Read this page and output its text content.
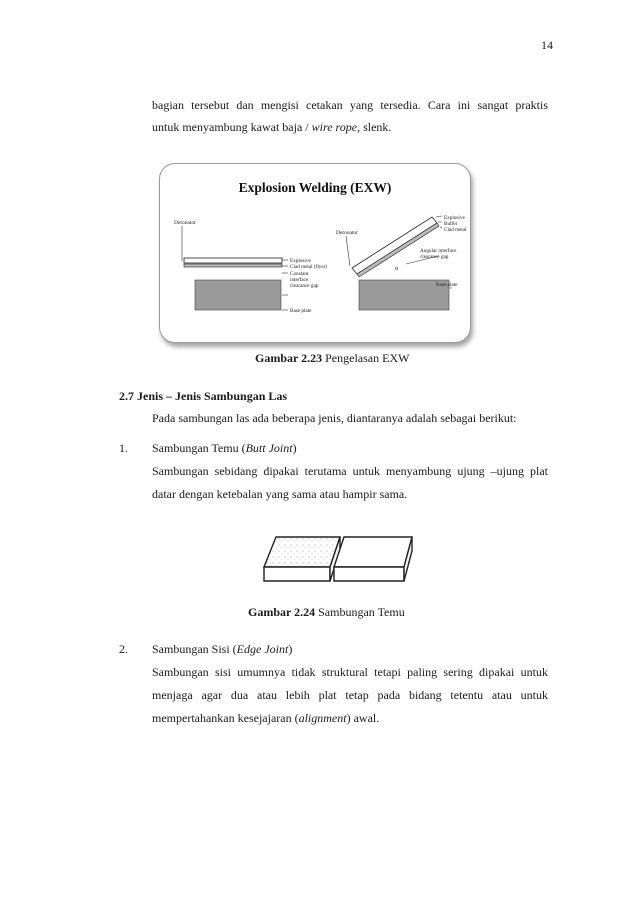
14
bagian tersebut dan mengisi cetakan yang tersedia. Cara ini sangat praktis
untuk menyambung kawat baja / wire rope, slenk.
Explosion Welding (EXW)
Detonator
Explosive
Clad metal (flyer)
Constant
interface
clearance gap
Base plate
Detonator
α
Explosive
Buffer
Clad metal
Angular interface
clearance gap
Base plate
Gambar 2.23 Pengelasan EXW
2.7 Jenis – Jenis Sambungan Las
Pada sambungan las ada beberapa jenis, diantaranya adalah sebagai berikut:
1. Sambungan Temu (Butt Joint)
Sambungan sebidang dipakai terutama untuk menyambung ujung –ujung plat
datar dengan ketebalan yang sama atau hampir sama.
Gambar 2.24 Sambungan Temu
2. Sambungan Sisi (Edge Joint)
Sambungan sisi umumnya tidak struktural tetapi paling sering dipakai untuk
menjaga agar dua atau lebih plat tetap pada bidang tetentu atau untuk
mempertahankan kesejajaran (alignment) awal.
